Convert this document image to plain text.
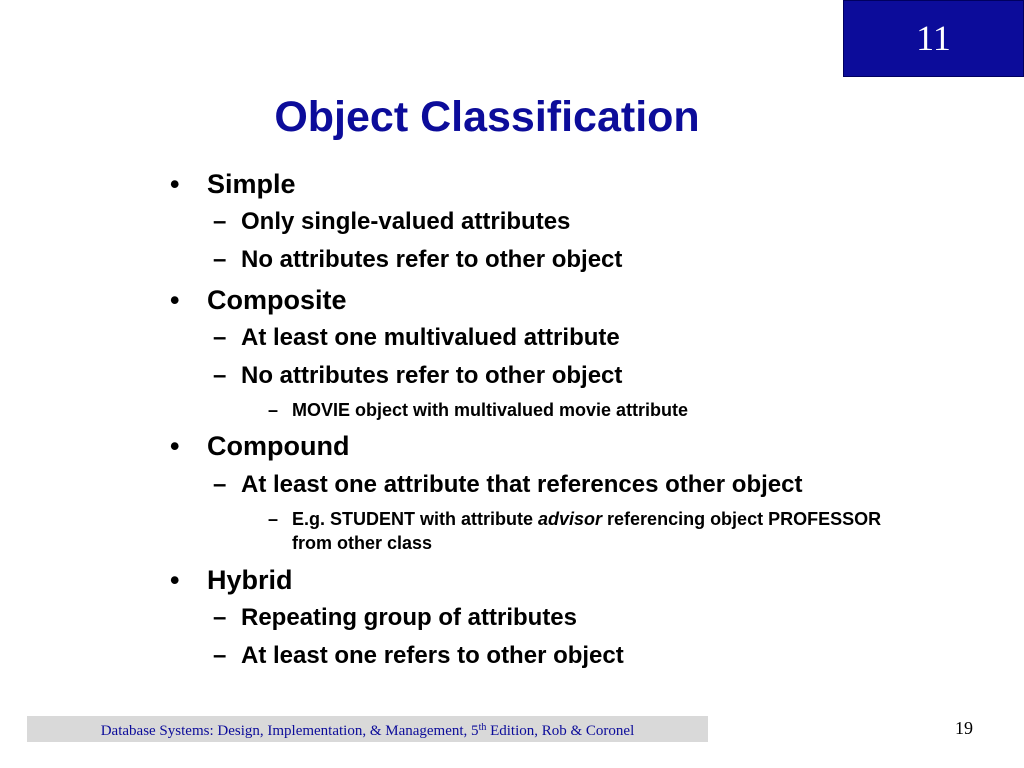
11
Object Classification
•	Simple
– Only single-valued attributes
– No attributes refer to other object
•	Composite
– At least one multivalued attribute
– No attributes refer to other object
– MOVIE object with multivalued movie attribute
•	Compound
– At least one attribute that references other object
– E.g. STUDENT with attribute advisor referencing object PROFESSOR from other class
•	Hybrid
– Repeating group of attributes
– At least one refers to other object
Database Systems: Design, Implementation, & Management, 5th Edition, Rob & Coronel	19
